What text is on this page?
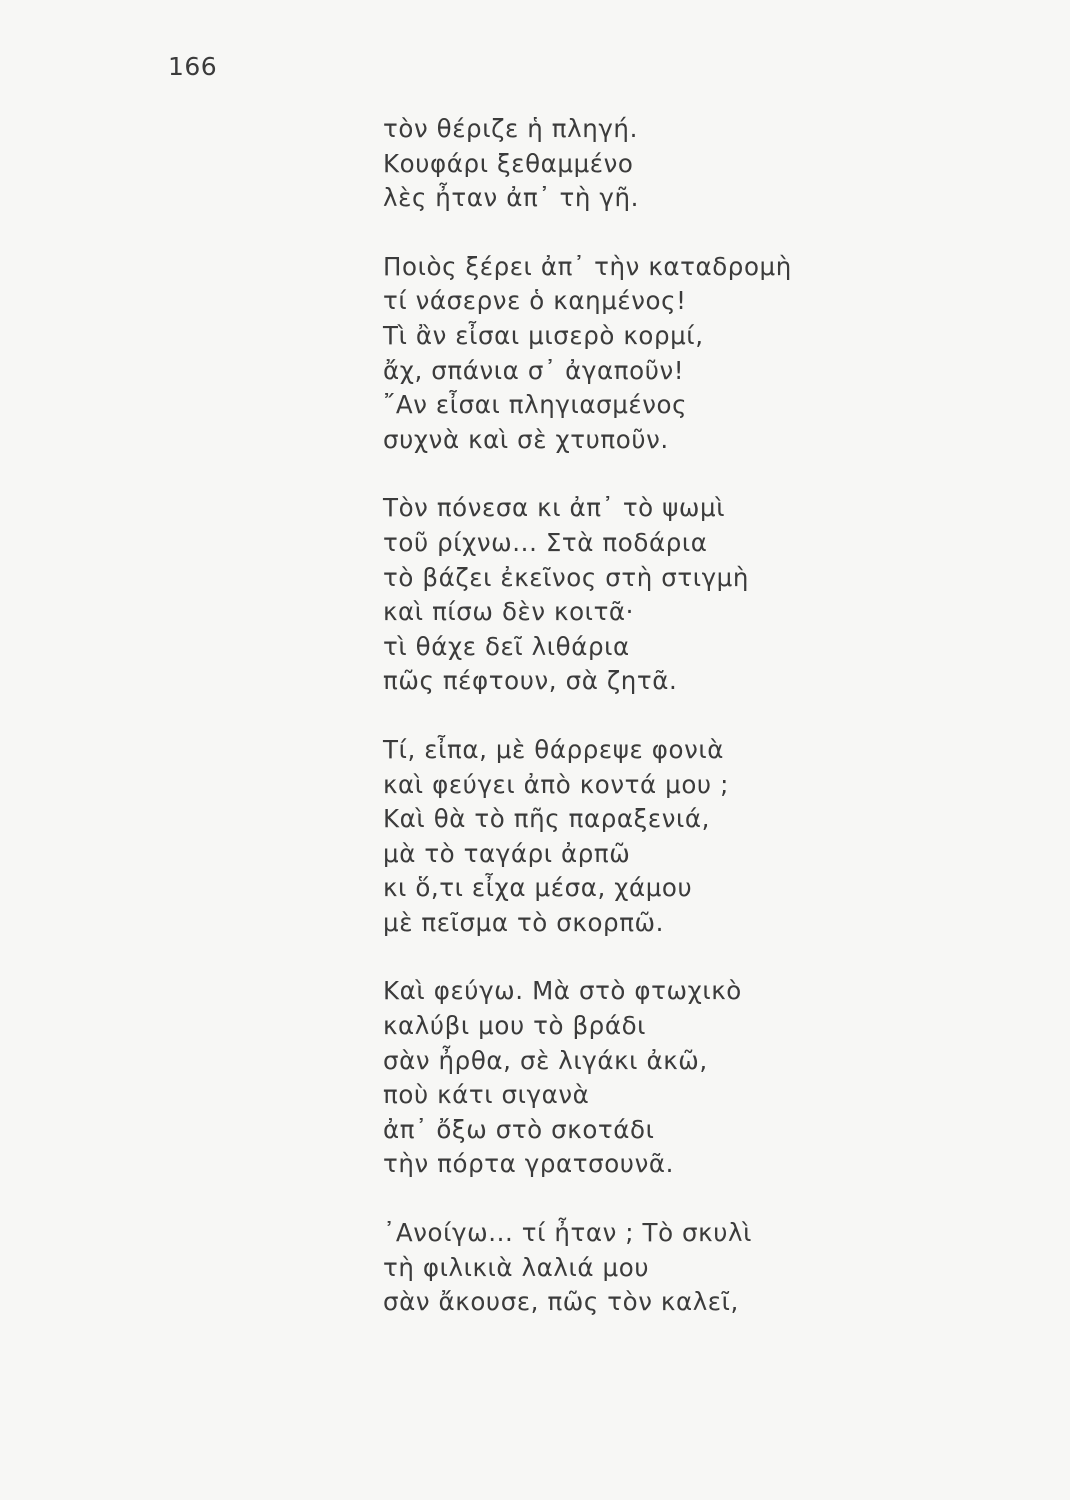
166
τὸν θέριζε ἡ πληγή.
Κουφάρι ξεθαμμένο
λὲς ἦταν ἀπ᾽ τὴ γῆ.
Ποιὸς ξέρει ἀπ᾽ τὴν καταδρομὴ
τί νάσερνε ὁ καημένος!
Τὶ ἂν εἶσαι μισερὸ κορμί,
ἄχ, σπάνια σ᾽ ἀγαποῦν!
῎Αν εἶσαι πληγιασμένος
συχνὰ καὶ σὲ χτυποῦν.
Τὸν πόνεσα κι ἀπ᾽ τὸ ψωμὶ
τοῦ ρίχνω... Στὰ ποδάρια
τὸ βάζει ἐκεῖνος στὴ στιγμὴ
καὶ πίσω δὲν κοιτᾶ·
τὶ θάχε δεῖ λιθάρια
πῶς πέφτουν, σὰ ζητᾶ.
Τί, εἶπα, μὲ θάρρεψε φονιὰ
καὶ φεύγει ἀπὸ κοντά μου ;
Καὶ θὰ τὸ πῆς παραξενιά,
μὰ τὸ ταγάρι ἀρπῶ
κι ὅ,τι εἶχα μέσα, χάμου
μὲ πεῖσμα τὸ σκορπῶ.
Καὶ φεύγω. Μὰ στὸ φτωχικὸ
καλύβι μου τὸ βράδι
σὰν ἦρθα, σὲ λιγάκι ἀκῶ,
ποὺ κάτι σιγανὰ
ἀπ᾽ ὄξω στὸ σκοτάδι
τὴν πόρτα γρατσουνᾶ.
᾽Ανοίγω... τί ἦταν ; Τὸ σκυλὶ
τὴ φιλικιὰ λαλιά μου
σὰν ἄκουσε, πῶς τὸν καλεῖ,
